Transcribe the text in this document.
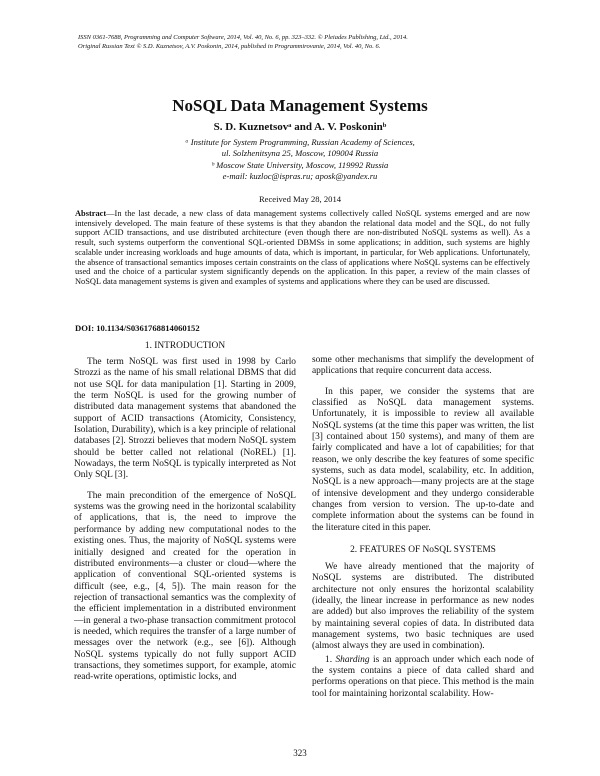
ISSN 0361-7688, Programming and Computer Software, 2014, Vol. 40, No. 6, pp. 323–332. © Pleiades Publishing, Ltd., 2014.
Original Russian Text © S.D. Kuznetsov, A.V. Poskonin, 2014, published in Programmirovanie, 2014, Vol. 40, No. 6.
NoSQL Data Management Systems
S. D. Kuznetsovᵃ and A. V. Poskoninᵇ
ᵃ Institute for System Programming, Russian Academy of Sciences,
ul. Solzhenitsyna 25, Moscow, 109004 Russia
ᵇ Moscow State University, Moscow, 119992 Russia
e-mail: kuzloc@ispras.ru; aposk@yandex.ru
Received May 28, 2014
Abstract—In the last decade, a new class of data management systems collectively called NoSQL systems emerged and are now intensively developed. The main feature of these systems is that they abandon the relational data model and the SQL, do not fully support ACID transactions, and use distributed architecture (even though there are non-distributed NoSQL systems as well). As a result, such systems outperform the conventional SQL-oriented DBMSs in some applications; in addition, such systems are highly scalable under increasing workloads and huge amounts of data, which is important, in particular, for Web applications. Unfortunately, the absence of transactional semantics imposes certain constraints on the class of applications where NoSQL systems can be effectively used and the choice of a particular system significantly depends on the application. In this paper, a review of the main classes of NoSQL data management systems is given and examples of systems and applications where they can be used are discussed.
DOI: 10.1134/S0361768814060152
1. INTRODUCTION

The term NoSQL was first used in 1998 by Carlo Strozzi as the name of his small relational DBMS that did not use SQL for data manipulation [1]. Starting in 2009, the term NoSQL is used for the growing number of distributed data management systems that abandoned the support of ACID transactions (Atomicity, Consistency, Isolation, Durability), which is a key principle of relational databases [2]. Strozzi believes that modern NoSQL system should be better called not relational (NoREL) [1]. Nowadays, the term NoSQL is typically interpreted as Not Only SQL [3].

The main precondition of the emergence of NoSQL systems was the growing need in the horizontal scalability of applications, that is, the need to improve the performance by adding new computational nodes to the existing ones. Thus, the majority of NoSQL systems were initially designed and created for the operation in distributed environments—a cluster or cloud—where the application of conventional SQL-oriented systems is difficult (see, e.g., [4, 5]). The main reason for the rejection of transactional semantics was the complexity of the efficient implementation in a distributed environment—in general a two-phase transaction commitment protocol is needed, which requires the transfer of a large number of messages over the network (e.g., see [6]). Although NoSQL systems typically do not fully support ACID transactions, they sometimes support, for example, atomic read-write operations, optimistic locks, and

some other mechanisms that simplify the development of applications that require concurrent data access.

In this paper, we consider the systems that are classified as NoSQL data management systems. Unfortunately, it is impossible to review all available NoSQL systems (at the time this paper was written, the list [3] contained about 150 systems), and many of them are fairly complicated and have a lot of capabilities; for that reason, we only describe the key features of some specific systems, such as data model, scalability, etc. In addition, NoSQL is a new approach—many projects are at the stage of intensive development and they undergo considerable changes from version to version. The up-to-date and complete information about the systems can be found in the literature cited in this paper.

2. FEATURES OF NoSQL SYSTEMS

We have already mentioned that the majority of NoSQL systems are distributed. The distributed architecture not only ensures the horizontal scalability (ideally, the linear increase in performance as new nodes are added) but also improves the reliability of the system by maintaining several copies of data. In distributed data management systems, two basic techniques are used (almost always they are used in combination).

1. Sharding is an approach under which each node of the system contains a piece of data called shard and performs operations on that piece. This method is the main tool for maintaining horizontal scalability. How-

323
